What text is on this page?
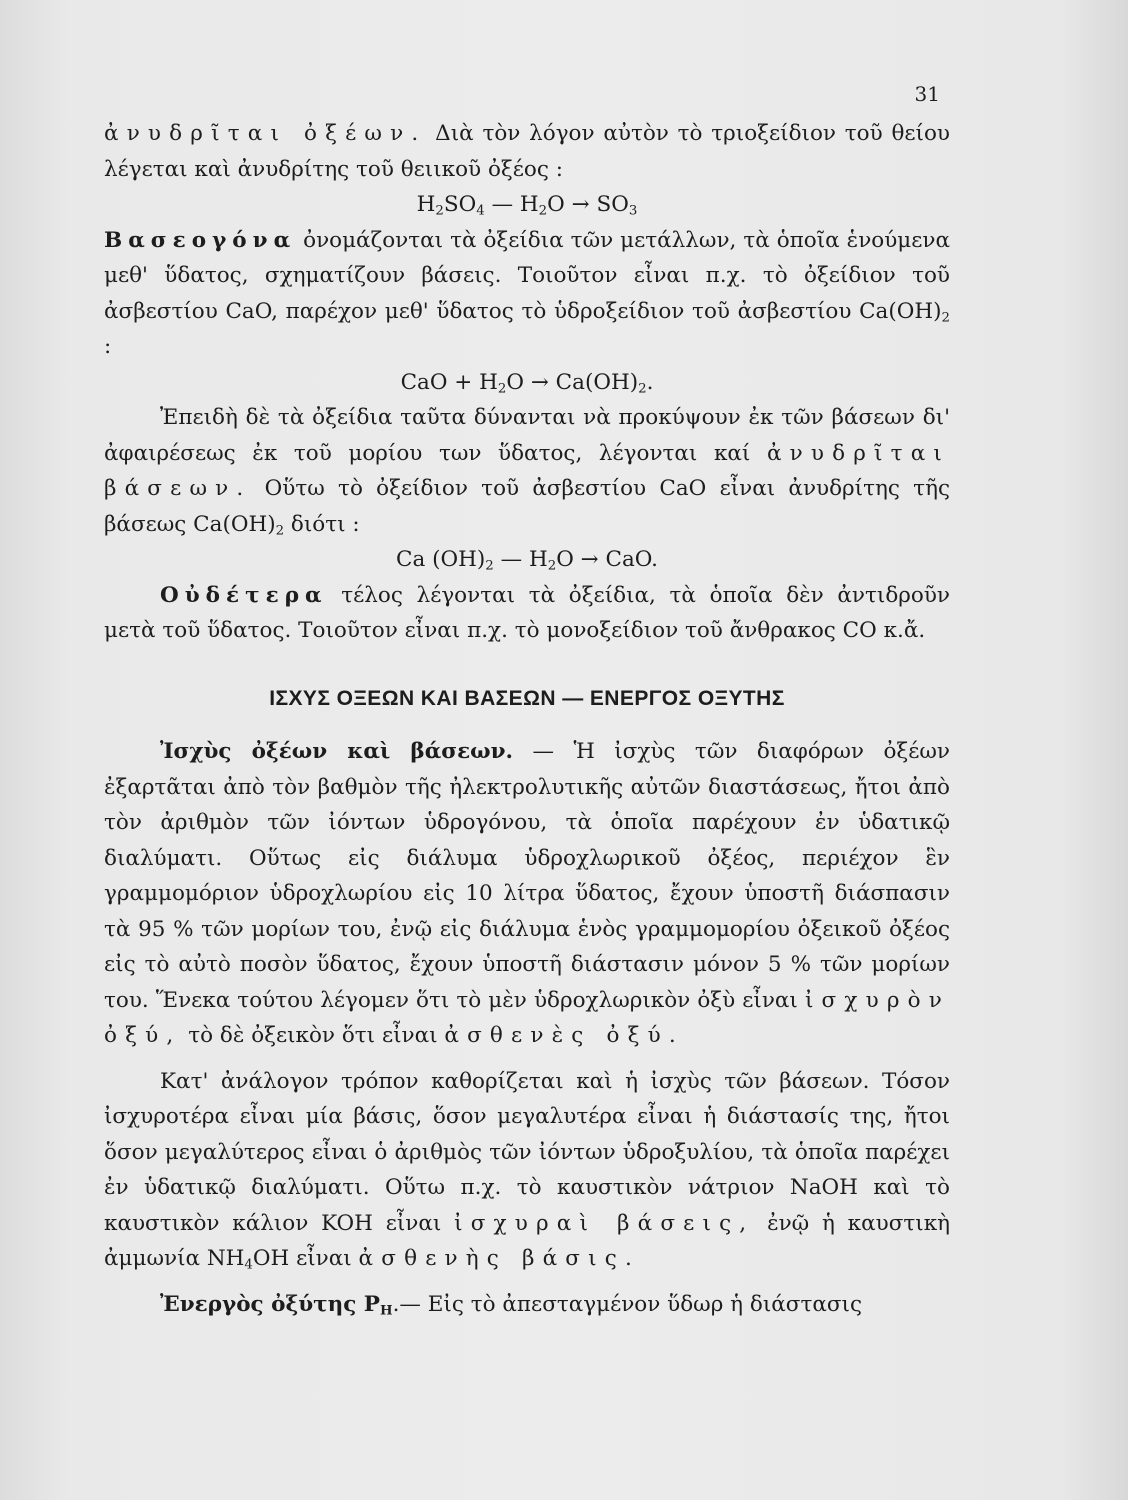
31

ἀνυδρῖται ὀξέων. Διὰ τὸν λόγον αὐτὸν τὸ τριοξείδιον τοῦ θείου λέγεται καὶ ἀνυδρίτης τοῦ θειικοῦ ὀξέος :

$H_2SO_4$ — $H_2O \to SO_3$

Βασεογόνα ὀνομάζονται τὰ ὀξείδια τῶν μετάλλων, τὰ ὁποῖα ἑνούμενα μεθ' ὕδατος, σχηματίζουν βάσεις. Τοιοῦτον εἶναι π.χ. τὸ ὀξείδιον τοῦ ἀσβεστίου CaO, παρέχον μεθ' ὕδατος τὸ ὑδροξείδιον τοῦ ἀσβεστίου $Ca(OH)_2$ :

CaO + $H_2O \to Ca(OH)_2$.

Ἐπειδὴ δὲ τὰ ὀξείδια ταῦτα δύνανται νὰ προκύψουν ἐκ τῶν βάσεων δι' ἀφαιρέσεως ἐκ τοῦ μορίου των ὕδατος, λέγονται καί ἀνυδρῖται βάσεων. Οὕτω τὸ ὀξείδιον τοῦ ἀσβεστίου CaO εἶναι ἀνυδρίτης τῆς βάσεως $Ca(OH)_2$ διότι :

Ca $(OH)_2$ — $H_2O$ → CaO.

Οὐδέτερα τέλος λέγονται τὰ ὀξείδια, τὰ ὁποῖα δὲν ἀντιδροῦν μετὰ τοῦ ὕδατος. Τοιοῦτον εἶναι π.χ. τὸ μονοξείδιον τοῦ ἄνθρακος CO κ.ἄ.

ΙΣΧΥΣ ΟΞΕΩΝ ΚΑΙ ΒΑΣΕΩΝ — ΕΝΕΡΓΟΣ ΟΞΥΤΗΣ

Ἰσχὺς ὀξέων καὶ βάσεων. — Ἡ ἰσχὺς τῶν διαφόρων ὀξέων ἐξαρτᾶται ἀπὸ τὸν βαθμὸν τῆς ἠλεκτρολυτικῆς αὐτῶν διαστάσεως, ἤτοι ἀπὸ τὸν ἀριθμὸν τῶν ἰόντων ὑδρογόνου, τὰ ὁποῖα παρέχουν ἐν ὑδατικῷ διαλύματι. Οὕτως εἰς διάλυμα ὑδροχλωρικοῦ ὀξέος, περιέχον ἓν γραμμομόριον ὑδροχλωρίου εἰς 10 λίτρα ὕδατος, ἔχουν ὑποστῆ διάσπασιν τὰ 95 % τῶν μορίων του, ἐνῷ εἰς διάλυμα ἑνὸς γραμμομορίου ὀξεικοῦ ὀξέος εἰς τὸ αὐτὸ ποσὸν ὕδατος, ἔχουν ὑποστῆ διάστασιν μόνον 5 % τῶν μορίων του. Ἕνεκα τούτου λέγομεν ὅτι τὸ μὲν ὑδροχλωρικὸν ὀξὺ εἶναι ἰσχυρὸν ὀξύ, τὸ δὲ ὀξεικὸν ὅτι εἶναι ἀσθενὲς ὀξύ.

Κατ' ἀνάλογον τρόπον καθορίζεται καὶ ἡ ἰσχὺς τῶν βάσεων. Τόσον ἰσχυροτέρα εἶναι μία βάσις, ὅσον μεγαλυτέρα εἶναι ἡ διάστασίς της, ἤτοι ὅσον μεγαλύτερος εἶναι ὁ ἀριθμὸς τῶν ἰόντων ὑδροξυλίου, τὰ ὁποῖα παρέχει ἐν ὑδατικῷ διαλύματι. Οὕτω π.χ. τὸ καυστικὸν νάτριον NaOH καὶ τὸ καυστικὸν κάλιον KOH εἶναι ἰσχυραὶ βάσεις, ἐνῷ ἡ καυστικὴ ἀμμωνία $NH_4OH$ εἶναι ἀσθενὴς βάσις.

Ἐνεργὸς ὀξύτης $P_H.—$ Εἰς τὸ ἀπεσταγμένον ὕδωρ ἡ διάστασις
